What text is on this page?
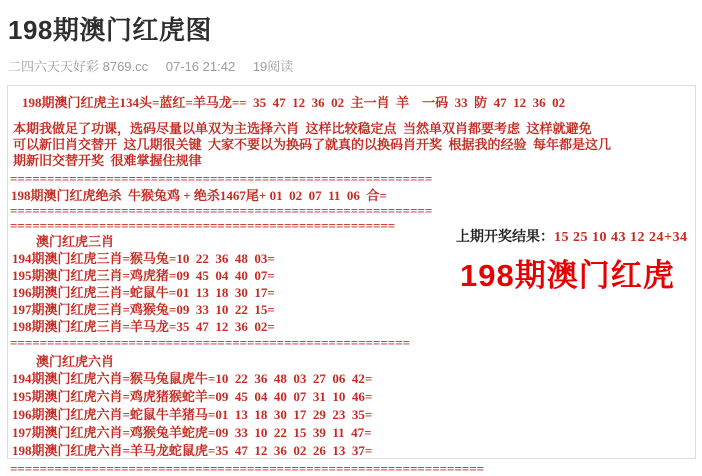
198期澳门红虎图
二四六天天好彩 8769.cc 07-16 21:42 19阅读
198期澳门红虎主134头=蓝红=羊马龙==  35  47  12  36  02  主一肖  羊    一码  33  防  47  12  36  02
本期我做足了功课，选码尽量以单双为主选择六肖  这样比较稳定点  当然单双肖都要考虑  这样就避免
可以新旧肖交替开  这几期很关键  大家不要以为换码了就真的以换码肖开奖  根据我的经验  每年都是这几
期新旧交替开奖  很难掌握住规律
=========================================================
198期澳门红虎绝杀  牛猴兔鸡 + 绝杀1467尾+ 01  02  07  11  06  合=
=========================================================
====================================================
澳门红虎三肖
194期澳门红虎三肖=猴马兔=10  22  36  48  03=
195期澳门红虎三肖=鸡虎猪=09  45  04  40  07=
196期澳门红虎三肖=蛇鼠牛=01  13  18  30  17=
197期澳门红虎三肖=鸡猴兔=09  33  10  22  15=
198期澳门红虎三肖=羊马龙=35  47  12  36  02=
======================================================
澳门红虎六肖
194期澳门红虎六肖=猴马兔鼠虎牛=10  22  36  48  03  27  06  42=
195期澳门红虎六肖=鸡虎猪猴蛇羊=09  45  04  40  07  31  10  46=
196期澳门红虎六肖=蛇鼠牛羊猪马=01  13  18  30  17  29  23  35=
197期澳门红虎六肖=鸡猴兔羊蛇虎=09  33  10  22  15  39  11  47=
198期澳门红虎六肖=羊马龙蛇鼠虎=35  47  12  36  02  26  13  37=
================================================================
上期开奖结果：15 25 10 43 12 24+34
198期澳门红虎
